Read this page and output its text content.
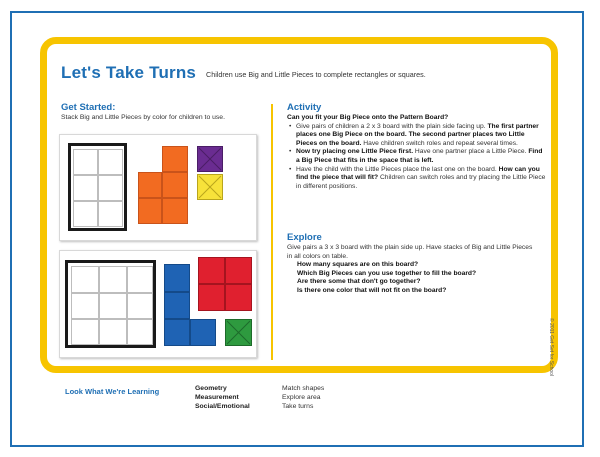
Let's Take Turns Children use Big and Little Pieces to complete rectangles or squares.
Get Started:
Stack Big and Little Pieces by color for children to use.
Activity
Can you fit your Big Piece onto the Pattern Board?
• Give pairs of children a 2 x 3 board with the plain side facing up. The first partner places one Big Piece on the board. The second partner places two Little Pieces on the board. Have children switch roles and repeat several times.
• Now try placing one Little Piece first. Have one partner place a Little Piece. Find a Big Piece that fits in the space that is left.
• Have the child with the Little Pieces place the last one on the board. How can you find the piece that will fit? Children can switch roles and try placing the Little Piece in different positions.
Explore
Give pairs a 3 x 3 board with the plain side up. Have stacks of Big and Little Pieces in all colors on table.
How many squares are on this board?
Which Big Pieces can you use together to fill the board?
Are there some that don't go together?
Is there one color that will not fit on the board?
© 2011 Get Set for School
Look What We're Learning	Geometry
Measurement
Social/Emotional
Match shapes
Explore area
Take turns
